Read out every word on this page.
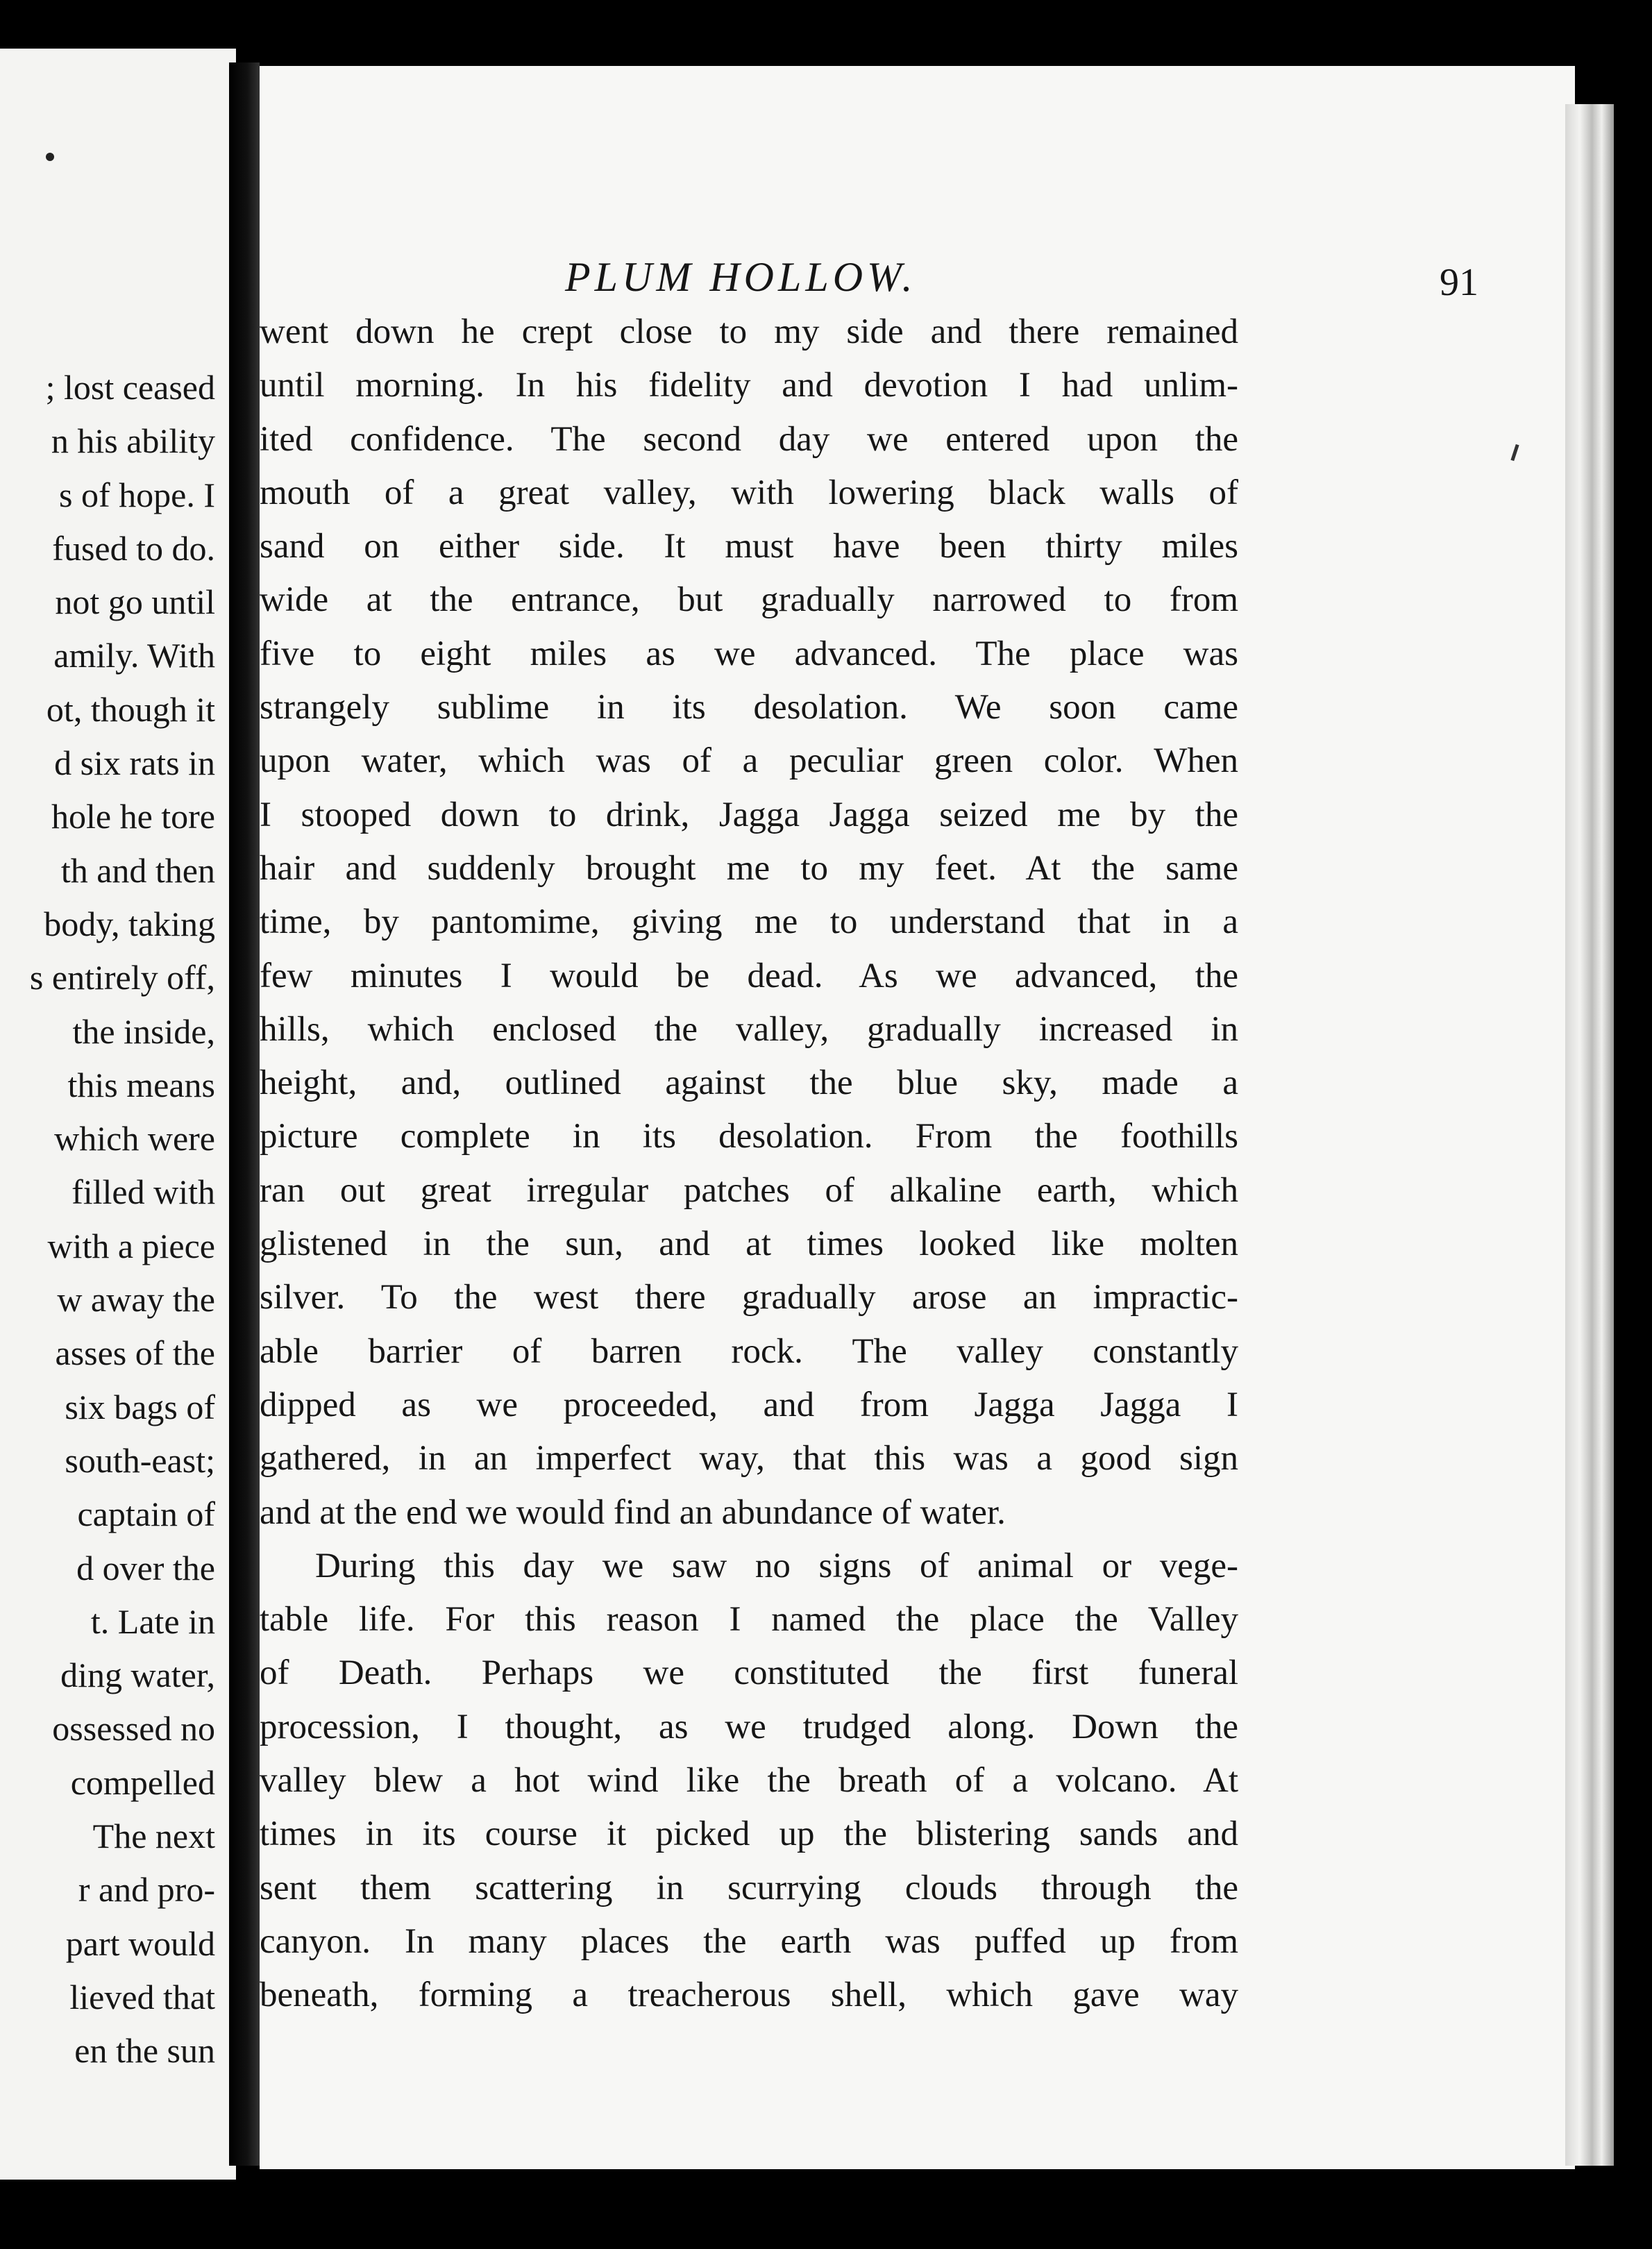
; lost ceased
n his ability
s of hope. I
fused to do.
not go until
amily. With
ot, though it
d six rats in
hole he tore
th and then
body, taking
s entirely off,
the inside,
this means
which were
filled with
with a piece
w away the
asses of the
six bags of
south-east;
captain of
d over the
t. Late in
ding water,
ossessed no
compelled
The next
r and pro-
part would
lieved that
en the sun
PLUM HOLLOW.	91
went down he crept close to my side and there remained
until morning. In his fidelity and devotion I had unlim-
ited confidence. The second day we entered upon the
mouth of a great valley, with lowering black walls of
sand on either side. It must have been thirty miles
wide at the entrance, but gradually narrowed to from
five to eight miles as we advanced. The place was
strangely sublime in its desolation. We soon came
upon water, which was of a peculiar green color. When
I stooped down to drink, Jagga Jagga seized me by the
hair and suddenly brought me to my feet. At the same
time, by pantomime, giving me to understand that in a
few minutes I would be dead. As we advanced, the
hills, which enclosed the valley, gradually increased in
height, and, outlined against the blue sky, made a
picture complete in its desolation. From the foothills
ran out great irregular patches of alkaline earth, which
glistened in the sun, and at times looked like molten
silver. To the west there gradually arose an impractic-
able barrier of barren rock. The valley constantly
dipped as we proceeded, and from Jagga Jagga I
gathered, in an imperfect way, that this was a good sign
and at the end we would find an abundance of water.
During this day we saw no signs of animal or vege-
table life. For this reason I named the place the Valley
of Death. Perhaps we constituted the first funeral
procession, I thought, as we trudged along. Down the
valley blew a hot wind like the breath of a volcano. At
times in its course it picked up the blistering sands and
sent them scattering in scurrying clouds through the
canyon. In many places the earth was puffed up from
beneath, forming a treacherous shell, which gave way
